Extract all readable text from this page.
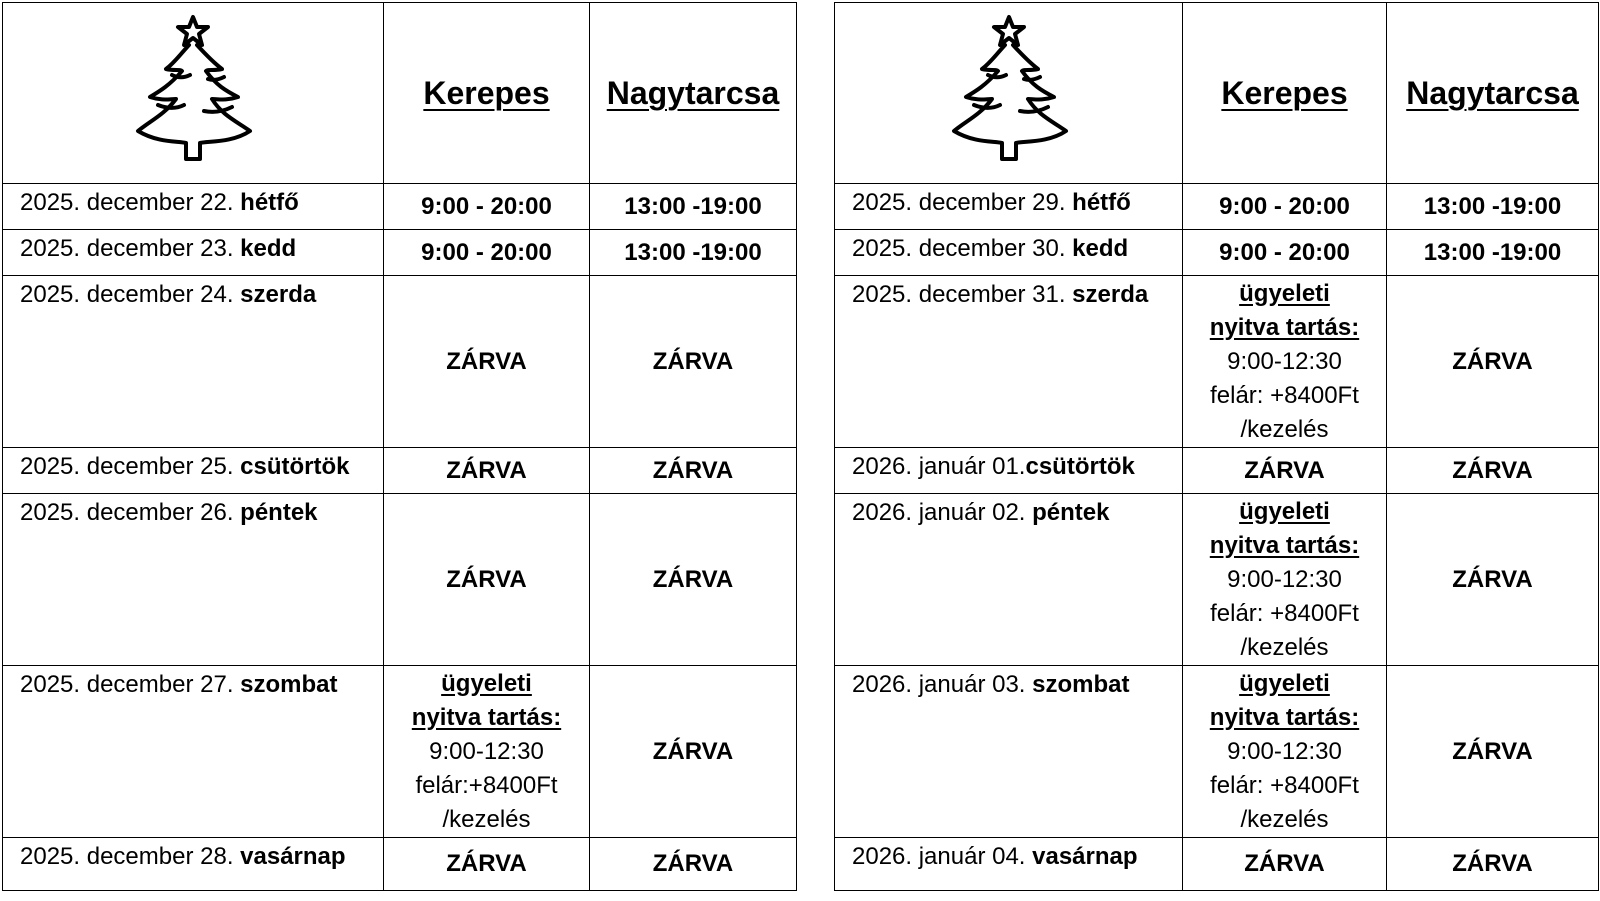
	Kerepes	Nagytarcsa
2025. december 22. hétfő	9:00 - 20:00	13:00 -19:00
2025. december 23. kedd	9:00 - 20:00	13:00 -19:00
2025. december 24. szerda	ZÁRVA	ZÁRVA
2025. december 25. csütörtök	ZÁRVA	ZÁRVA
2025. december 26. péntek	ZÁRVA	ZÁRVA
2025. december 27. szombat	ügyeleti
nyitva tartás:
9:00-12:30
felár:+8400Ft
/kezelés	ZÁRVA
2025. december 28. vasárnap	ZÁRVA	ZÁRVA
	Kerepes	Nagytarcsa
2025. december 29. hétfő	9:00 - 20:00	13:00 -19:00
2025. december 30. kedd	9:00 - 20:00	13:00 -19:00
2025. december 31. szerda	ügyeleti
nyitva tartás:
9:00-12:30
felár: +8400Ft
/kezelés	ZÁRVA
2026. január 01.csütörtök	ZÁRVA	ZÁRVA
2026. január 02. péntek	ügyeleti
nyitva tartás:
9:00-12:30
felár: +8400Ft
/kezelés	ZÁRVA
2026. január 03. szombat	ügyeleti
nyitva tartás:
9:00-12:30
felár: +8400Ft
/kezelés	ZÁRVA
2026. január 04. vasárnap	ZÁRVA	ZÁRVA
